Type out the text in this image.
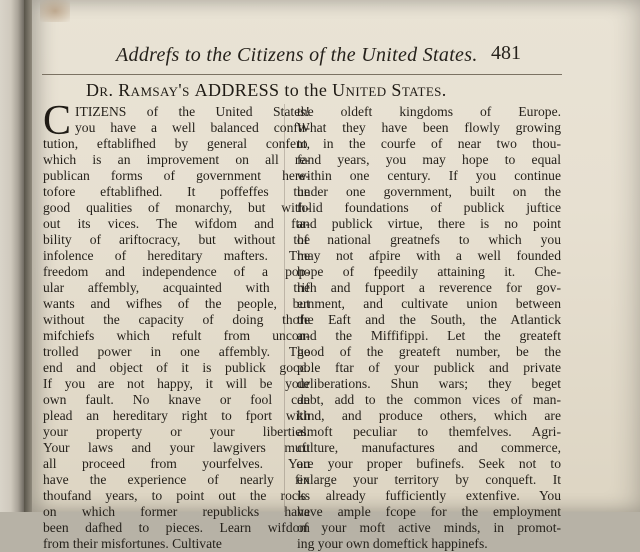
Addrefs to the Citizens of the United States. 481
Dr. Ramsay's ADDRESS to the United States.
C ITIZENS of the United States!
you have a well balanced confti-
tution, eftablifhed by general confent,
which is an improvement on all re-
publican forms of government here-
tofore eftablifhed. It poffeffes the
good qualities of monarchy, but with-
out its vices. The wifdom and fta-
bility of ariftocracy, but without the
infolence of hereditary mafters. The
freedom and independence of a pop-
ular affembly, acquainted with the
wants and wifhes of the people, but
without the capacity of doing thofe
mifchiefs which refult from uncon-
trolled power in one affembly. The
end and object of it is publick good.
If you are not happy, it will be your
own fault. No knave or fool can
plead an hereditary right to fport with
your property or your liberties.
Your laws and your lawgivers muft
all proceed from yourfelves. You
have the experience of nearly fix
thoufand years, to point out the rocks
on which former republicks have
been dafhed to pieces. Learn wifdom
from their misfortunes. Cultivate
the oldeft kingdoms of Europe.
What they have been flowly growing
to in the courfe of near two thou-
fand years, you may hope to equal
within one century. If you continue
under one government, built on the
folid foundations of publick juftice
and publick virtue, there is no point
of national greatnefs to which you
may not afpire with a well founded
hope of fpeedily attaining it. Che-
rifh and fupport a reverence for gov-
ernment, and cultivate union between
the Eaft and the South, the Atlantick
and the Miffifippi. Let the greateft
good of the greateft number, be the
pole ftar of your publick and private
deliberations. Shun wars; they beget
debt, add to the common vices of man-
kind, and produce others, which are
almoft peculiar to themfelves. Agri-
culture, manufactures and commerce,
are your proper bufinefs. Seek not to
enlarge your territory by conqueft. It
is already fufficiently extenfive. You
have ample fcope for the employment
of your moft active minds, in promot-
ing your own domeftick happinefs.
